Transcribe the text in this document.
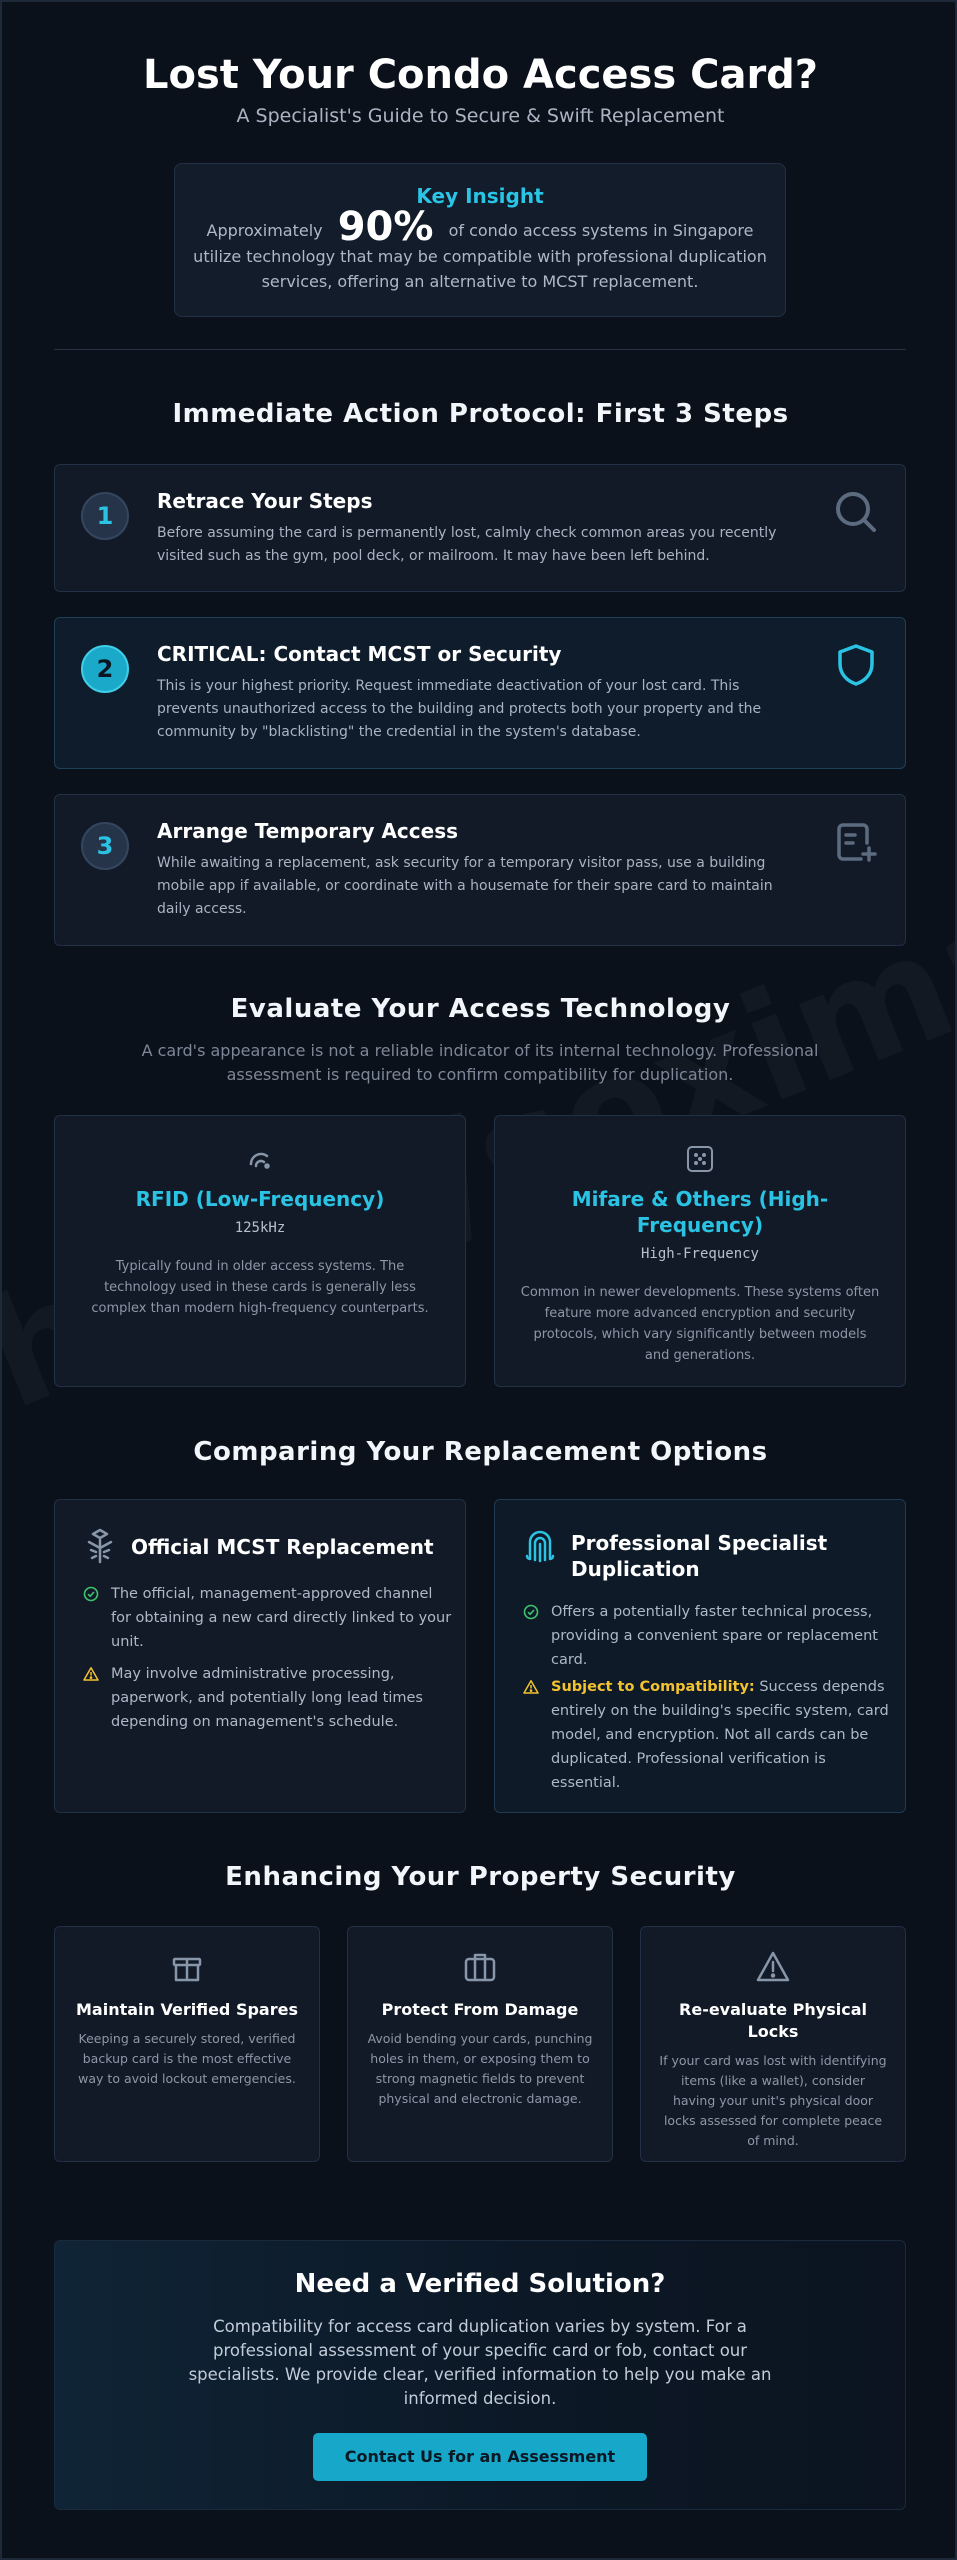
Lost Your Condo Access Card?
A Specialist's Guide to Secure & Swift Replacement
Key Insight
Approximately 90% of condo access systems in Singapore
utilize technology that may be compatible with professional duplication services, offering an alternative to MCST replacement.
Immediate Action Protocol: First 3 Steps
1
Retrace Your Steps
Before assuming the card is permanently lost, calmly check common areas you recently visited such as the gym, pool deck, or mailroom. It may have been left behind.
2
CRITICAL: Contact MCST or Security
This is your highest priority. Request immediate deactivation of your lost card. This prevents unauthorized access to the building and protects both your property and the community by "blacklisting" the credential in the system's database.
3
Arrange Temporary Access
While awaiting a replacement, ask security for a temporary visitor pass, use a building mobile app if available, or coordinate with a housemate for their spare card to maintain daily access.
Evaluate Your Access Technology
A card's appearance is not a reliable indicator of its internal technology. Professional assessment is required to confirm compatibility for duplication.
RFID (Low-Frequency)
125kHz
Typically found in older access systems. The technology used in these cards is generally less complex than modern high-frequency counterparts.
Mifare & Others (High-Frequency)
High-Frequency
Common in newer developments. These systems often feature more advanced encryption and security protocols, which vary significantly between models and generations.
Comparing Your Replacement Options
Official MCST Replacement
The official, management-approved channel for obtaining a new card directly linked to your unit.
May involve administrative processing, paperwork, and potentially long lead times depending on management's schedule.
Professional Specialist Duplication
Offers a potentially faster technical process, providing a convenient spare or replacement card.
Subject to Compatibility: Success depends entirely on the building's specific system, card model, and encryption. Not all cards can be duplicated. Professional verification is essential.
Enhancing Your Property Security
Maintain Verified Spares
Keeping a securely stored, verified backup card is the most effective way to avoid lockout emergencies.
Protect From Damage
Avoid bending your cards, punching holes in them, or exposing them to strong magnetic fields to prevent physical and electronic damage.
Re-evaluate Physical Locks
If your card was lost with identifying items (like a wallet), consider having your unit's physical door locks assessed for complete peace of mind.
Need a Verified Solution?
Compatibility for access card duplication varies by system. For a professional assessment of your specific card or fob, contact our specialists. We provide clear, verified information to help you make an informed decision.
Contact Us for an Assessment
